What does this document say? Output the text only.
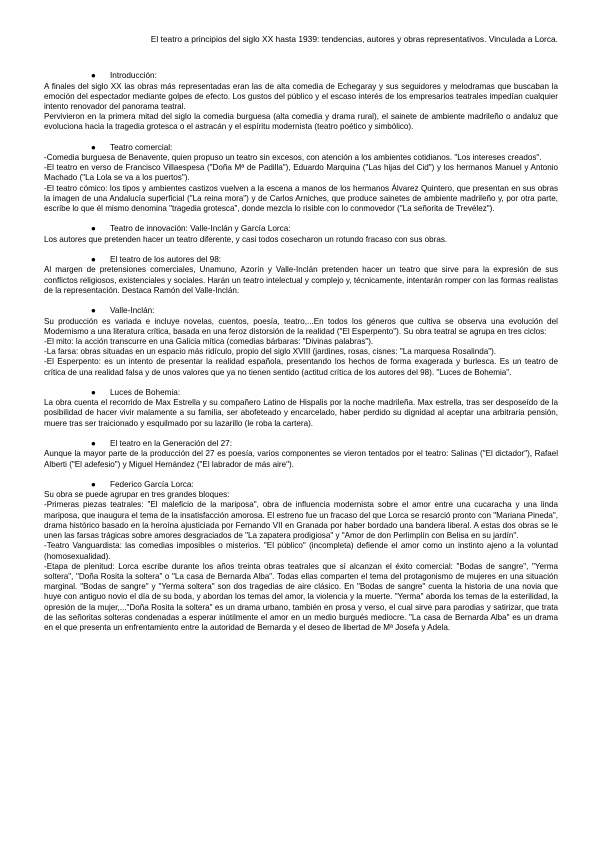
El teatro a principios del siglo XX hasta 1939: tendencias, autores y obras representativos. Vinculada a Lorca.
● Introducción:

A finales del siglo XX las obras más representadas eran las de alta comedia de Echegaray y sus seguidores y melodramas que buscaban la emoción del espectador mediante golpes de efecto. Los gustos del público y el escaso interés de los empresarios teatrales impedían cualquier intento renovador del panorama teatral.

Pervivieron en la primera mitad del siglo la comedia burguesa (alta comedia y drama rural), el sainete de ambiente madrileño o andaluz que evoluciona hacia la tragedia grotesca o el astracán y el espíritu modernista (teatro poético y simbólico).

● Teatro comercial:

-Comedia burguesa de Benavente, quien propuso un teatro sin excesos, con atención a los ambientes cotidianos. "Los intereses creados".

-El teatro en verso de Francisco Villaespesa ("Doña Mª de Padilla"), Eduardo Marquina ("Las hijas del Cid") y los hermanos Manuel y Antonio Machado ("La Lola se va a los puertos").

-El teatro cómico: los tipos y ambientes castizos vuelven a la escena a manos de los hermanos Álvarez Quintero, que presentan en sus obras la imagen de una Andalucía superficial ("La reina mora") y de Carlos Arniches, que produce sainetes de ambiente madrileño y, por otra parte, escribe lo que él mismo denomina "tragedia grotesca", donde mezcla lo risible con lo conmovedor ("La señorita de Trevélez").

● Teatro de innovación: Valle-Inclán y García Lorca:

Los autores que pretenden hacer un teatro diferente, y casi todos cosecharon un rotundo fracaso con sus obras.

● El teatro de los autores del 98:

Al margen de pretensiones comerciales, Unamuno, Azorín y Valle-Inclán pretenden hacer un teatro que sirve para la expresión de sus conflictos religiosos, existenciales y sociales. Harán un teatro intelectual y complejo y, técnicamente, intentarán romper con las formas realistas de la representación. Destaca Ramón del Valle-Inclán.

● Valle-Inclán:

Su producción es variada e incluye novelas, cuentos, poesía, teatro,...En todos los géneros que cultiva se observa una evolución del Modernismo a una literatura crítica, basada en una feroz distorsión de la realidad ("El Esperpento"). Su obra teatral se agrupa en tres ciclos:

-El mito: la acción transcurre en una Galicia mítica (comedias bárbaras: "Divinas palabras").

-La farsa: obras situadas en un espacio más ridículo, propio del siglo XVIII (jardines, rosas, cisnes: "La marquesa Rosalinda").

-El Esperpento: es un intento de presentar la realidad española, presentando los hechos de forma exagerada y burlesca. Es un teatro de crítica de una realidad falsa y de unos valores que ya no tienen sentido (actitud crítica de los autores del 98). "Luces de Bohemia".

● Luces de Bohemia:

La obra cuenta el recorrido de Max Estrella y su compañero Latino de Hispalis por la noche madrileña. Max estrella, tras ser desposeído de la posibilidad de hacer vivir malamente a su familia, ser abofeteado y encarcelado, haber perdido su dignidad al aceptar una arbitraria pensión, muere tras ser traicionado y esquilmado por su lazarillo (le roba la cartera).

● El teatro en la Generación del 27:

Aunque la mayor parte de la producción del 27 es poesía, varios componentes se vieron tentados por el teatro: Salinas ("El dictador"), Rafael Alberti ("El adefesio") y Miguel Hernández ("El labrador de más aire").

● Federico García Lorca:

Su obra se puede agrupar en tres grandes bloques:

-Primeras piezas teatrales: "El maleficio de la mariposa", obra de influencia modernista sobre el amor entre una cucaracha y una linda mariposa, que inaugura el tema de la insatisfacción amorosa. El estreno fue un fracaso del que Lorca se resarció pronto con "Mariana Pineda", drama histórico basado en la heroína ajusticiada por Fernando VII en Granada por haber bordado una bandera liberal. A estas dos obras se le unen las farsas trágicas sobre amores desgraciados de "La zapatera prodigiosa" y "Amor de don Perlimplín con Belisa en su jardín".

-Teatro Vanguardista: las comedias imposibles o misterios. "El público" (incompleta) defiende el amor como un instinto ajeno a la voluntad (homosexualidad).

-Etapa de plenitud: Lorca escribe durante los años treinta obras teatrales que sí alcanzan el éxito comercial: "Bodas de sangre", "Yerma soltera", "Doña Rosita la soltera" o "La casa de Bernarda Alba". Todas ellas comparten el tema del protagonismo de mujeres en una situación marginal. "Bodas de sangre" y "Yerma soltera" son dos tragedias de aire clásico. En "Bodas de sangre" cuenta la historia de una novia que huye con antiguo novio el día de su boda, y abordan los temas del amor, la violencia y la muerte. "Yerma" aborda los temas de la esterilidad, la opresión de la mujer,..."Doña Rosita la soltera" es un drama urbano, también en prosa y verso, el cual sirve para parodias y satirizar, que trata de las señoritas solteras condenadas a esperar inútilmente el amor en un medio burgués mediocre. "La casa de Bernarda Alba" es un drama en el que presenta un enfrentamiento entre la autoridad de Bernarda y el deseo de libertad de Mª Josefa y Adela.
